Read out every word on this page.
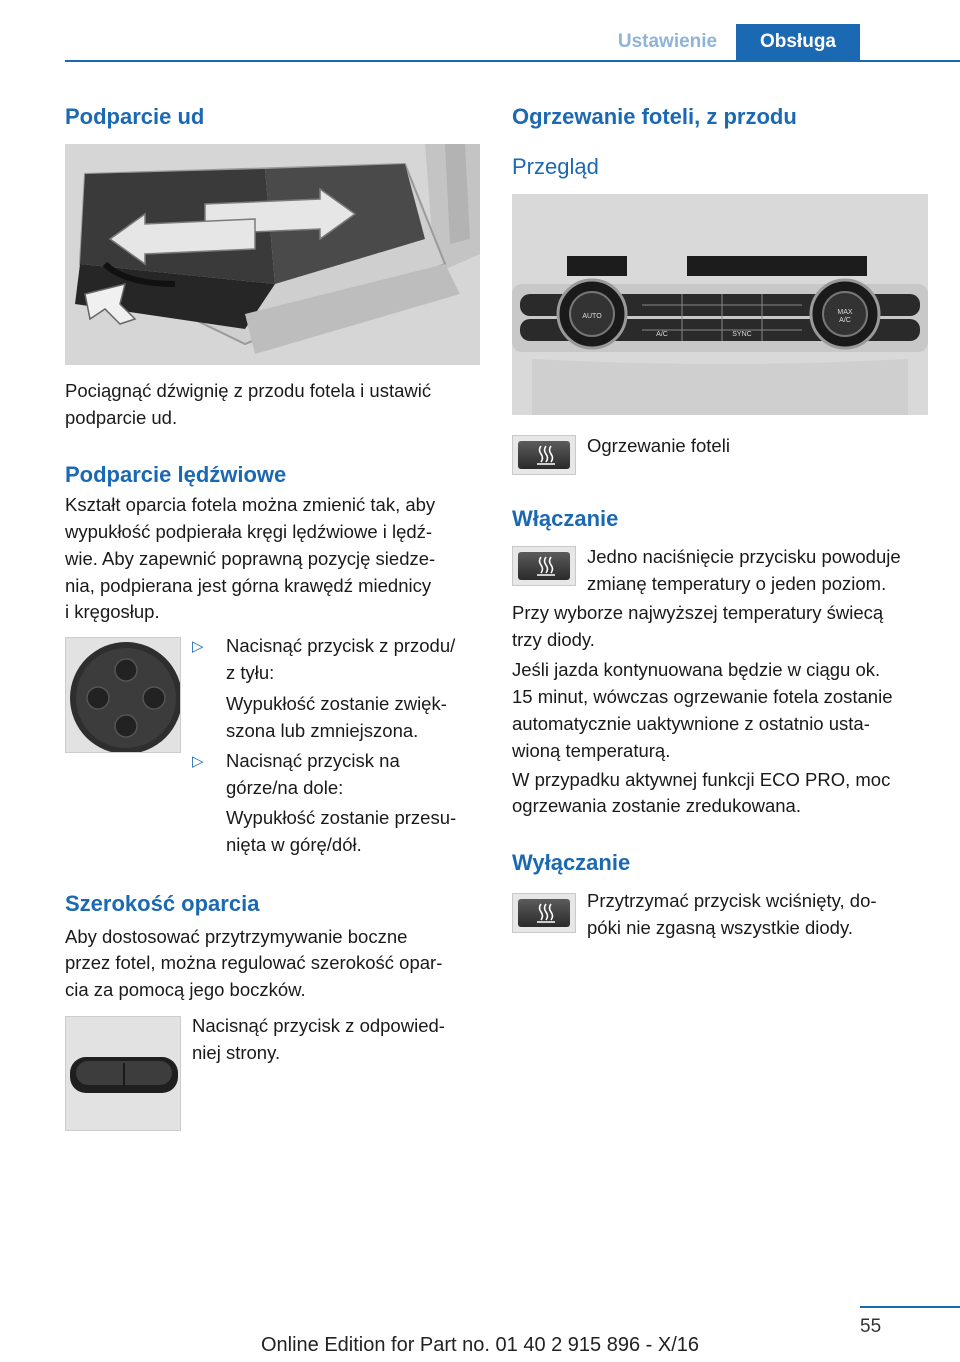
Ustawienie	Obsługa
Podparcie ud
Pociągnąć dźwignię z przodu fotela i ustawić
podparcie ud.
Podparcie lędźwiowe
Kształt oparcia fotela można zmienić tak, aby
wypukłość podpierała kręgi lędźwiowe i lędź‐
wie. Aby zapewnić poprawną pozycję siedze‐
nia, podpierana jest górna krawędź miednicy
i kręgosłup.
▷ Nacisnąć przycisk z przodu/
z tyłu:
Wypukłość zostanie zwięk‐
szona lub zmniejszona.
▷ Nacisnąć przycisk na
górze/na dole:
Wypukłość zostanie przesu‐
nięta w górę/dół.
Szerokość oparcia
Aby dostosować przytrzymywanie boczne
przez fotel, można regulować szerokość opar‐
cia za pomocą jego boczków.
Nacisnąć przycisk z odpowied‐
niej strony.
Ogrzewanie foteli, z przodu
Przegląd
AUTO
A/C	SYNC
MAX
A/C
Ogrzewanie foteli
Włączanie
Jedno naciśnięcie przycisku powoduje
zmianę temperatury o jeden poziom.
Przy wyborze najwyższej temperatury świecą
trzy diody.
Jeśli jazda kontynuowana będzie w ciągu ok.
15 minut, wówczas ogrzewanie fotela zostanie
automatycznie uaktywnione z ostatnio usta‐
wioną temperaturą.
W przypadku aktywnej funkcji ECO PRO, moc
ogrzewania zostanie zredukowana.
Wyłączanie
Przytrzymać przycisk wciśnięty, do‐
póki nie zgasną wszystkie diody.
55
Online Edition for Part no. 01 40 2 915 896 - X/16
